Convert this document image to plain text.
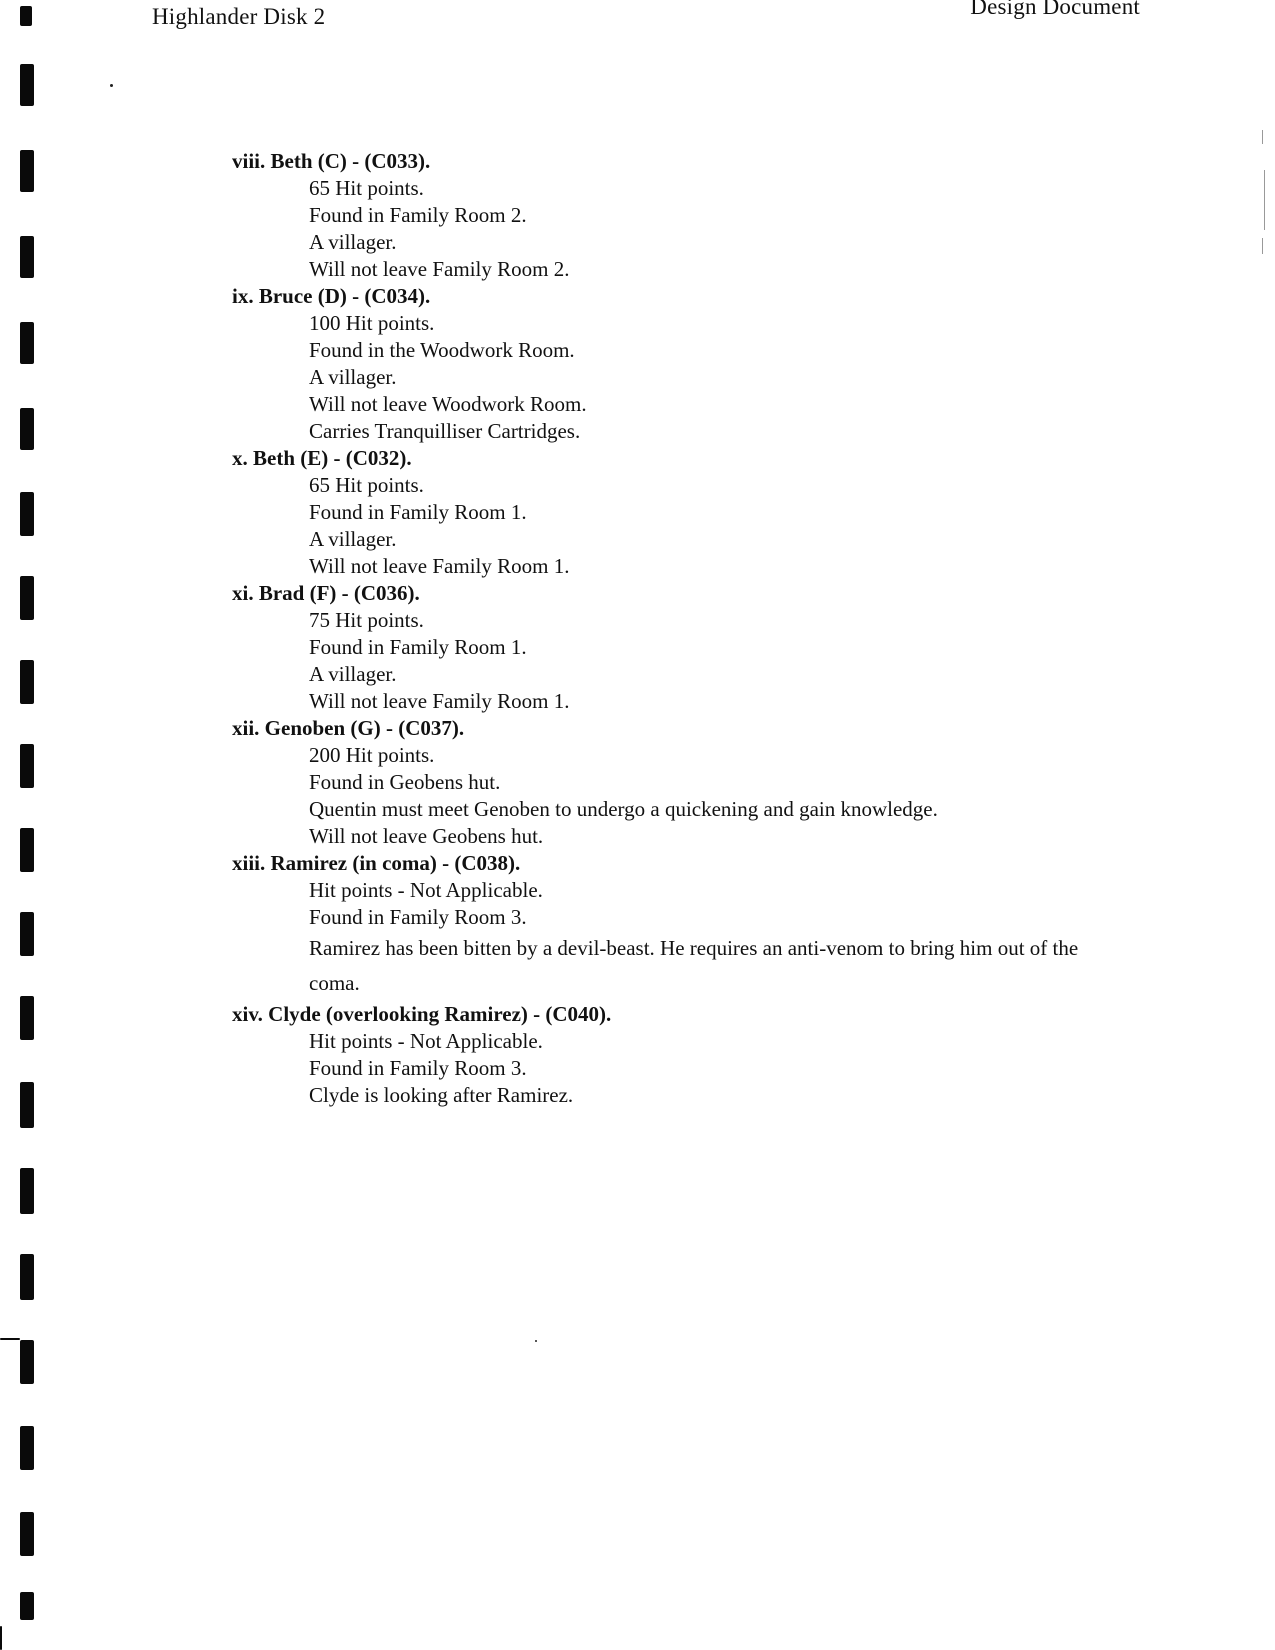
Highlander Disk 2	Design Document
viii. Beth (C) - (C033).
65 Hit points.
Found in Family Room 2.
A villager.
Will not leave Family Room 2.
ix. Bruce (D) - (C034).
100 Hit points.
Found in the Woodwork Room.
A villager.
Will not leave Woodwork Room.
Carries Tranquilliser Cartridges.
x. Beth (E) - (C032).
65 Hit points.
Found in Family Room 1.
A villager.
Will not leave Family Room 1.
xi. Brad (F) - (C036).
75 Hit points.
Found in Family Room 1.
A villager.
Will not leave Family Room 1.
xii. Genoben (G) - (C037).
200 Hit points.
Found in Geobens hut.
Quentin must meet Genoben to undergo a quickening and gain knowledge.
Will not leave Geobens hut.
xiii. Ramirez (in coma) - (C038).
Hit points - Not Applicable.
Found in Family Room 3.
Ramirez has been bitten by a devil-beast. He requires an anti-venom to bring him out of the coma.
xiv. Clyde (overlooking Ramirez) - (C040).
Hit points - Not Applicable.
Found in Family Room 3.
Clyde is looking after Ramirez.
